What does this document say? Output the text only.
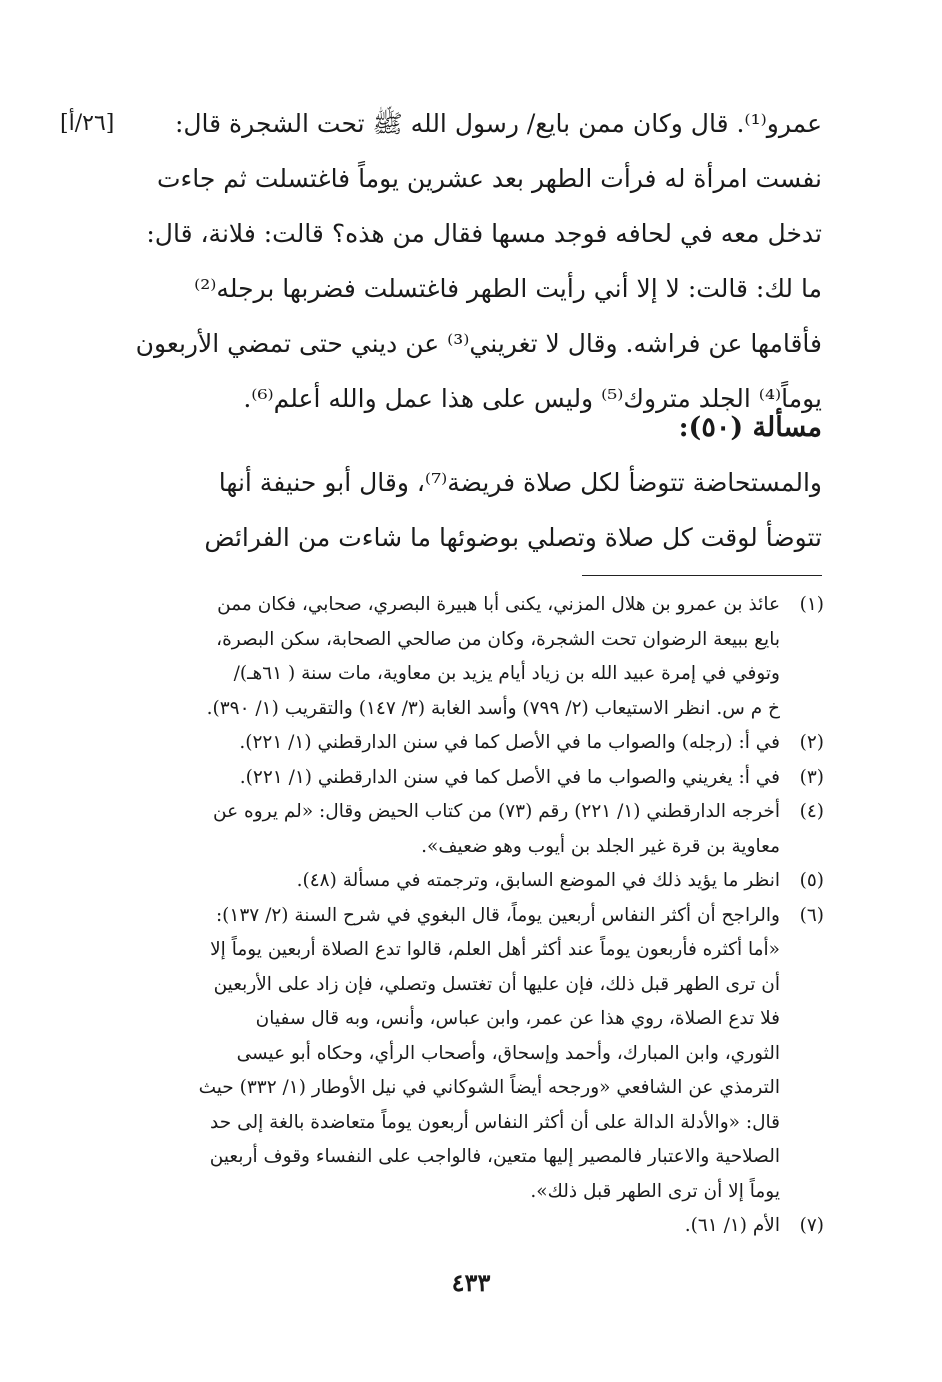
[٢٦/أ]	عمرو⁽¹⁾. قال وكان ممن بايع/ رسول الله ﷺ تحت الشجرة قال:
نفست امرأة له فرأت الطهر بعد عشرين يوماً فاغتسلت ثم جاءت
تدخل معه في لحافه فوجد مسها فقال من هذه؟ قالت: فلانة، قال:
ما لك: قالت: لا إلا أني رأيت الطهر فاغتسلت فضربها برجله⁽²⁾
فأقامها عن فراشه. وقال لا تغريني⁽³⁾ عن ديني حتى تمضي الأربعون
يوماً⁽⁴⁾ الجلد متروك⁽⁵⁾ وليس على هذا عمل والله أعلم⁽⁶⁾.
مسألة (٥٠):
والمستحاضة تتوضأ لكل صلاة فريضة⁽⁷⁾، وقال أبو حنيفة أنها
تتوضأ لوقت كل صلاة وتصلي بوضوئها ما شاءت من الفرائض
(١)
عائذ بن عمرو بن هلال المزني، يكنى أبا هبيرة البصري، صحابي، فكان ممن
بايع ببيعة الرضوان تحت الشجرة، وكان من صالحي الصحابة، سكن البصرة،
وتوفي في إمرة عبيد الله بن زياد أيام يزيد بن معاوية، مات سنة ( ٦١هـ)/
خ م س. انظر الاستيعاب (٢/ ٧٩٩) وأسد الغابة (٣/ ١٤٧) والتقريب (١/ ٣٩٠).
(٢)
في أ: (رجله) والصواب ما في الأصل كما في سنن الدارقطني (١/ ٢٢١).
(٣)
في أ: يغريني والصواب ما في الأصل كما في سنن الدارقطني (١/ ٢٢١).
(٤)
أخرجه الدارقطني (١/ ٢٢١) رقم (٧٣) من كتاب الحيض وقال: «لم يروه عن
معاوية بن قرة غير الجلد بن أيوب وهو ضعيف».
(٥)
انظر ما يؤيد ذلك في الموضع السابق، وترجمته في مسألة (٤٨).
(٦)
والراجح أن أكثر النفاس أربعين يوماً، قال البغوي في شرح السنة (٢/ ١٣٧):
«أما أكثره فأربعون يوماً عند أكثر أهل العلم، قالوا تدع الصلاة أربعين يوماً إلا
أن ترى الطهر قبل ذلك، فإن عليها أن تغتسل وتصلي، فإن زاد على الأربعين
فلا تدع الصلاة، روي هذا عن عمر، وابن عباس، وأنس، وبه قال سفيان
الثوري، وابن المبارك، وأحمد وإسحاق، وأصحاب الرأي، وحكاه أبو عيسى
الترمذي عن الشافعي «ورجحه أيضاً الشوكاني في نيل الأوطار (١/ ٣٣٢) حيث
قال: «والأدلة الدالة على أن أكثر النفاس أربعون يوماً متعاضدة بالغة إلى حد
الصلاحية والاعتبار فالمصير إليها متعين، فالواجب على النفساء وقوف أربعين
يوماً إلا أن ترى الطهر قبل ذلك».
(٧)
الأم (١/ ٦١).
٤٣٣
